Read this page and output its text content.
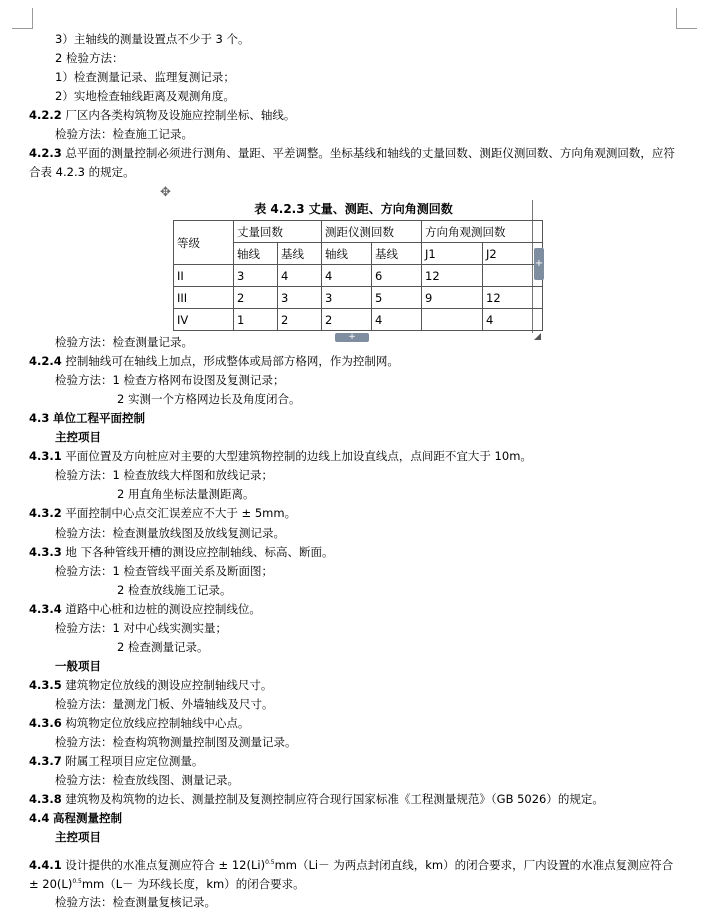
3）主轴线的测量设置点不少于 3 个。
2 检验方法：
1）检查测量记录、监理复测记录；
2）实地检查轴线距离及观测角度。
4.2.2 厂区内各类构筑物及设施应控制坐标、轴线。
检验方法：检查施工记录。
4.2.3 总平面的测量控制必须进行测角、量距、平差调整。坐标基线和轴线的丈量回数、测距仪测回数、方向角观测回数，应符合表 4.2.3 的规定。
✥
表 4.2.3 丈量、测距、方向角测回数
等级	丈量回数		测距仪测回数		方向角观测回数	
	轴线	基线	轴线	基线	J1	J2
II	3	4	4	6	12	
III	2	3	3	5	9	12
IV	1	2	2	4		4
+
+
检验方法：检查测量记录。
4.2.4 控制轴线可在轴线上加点，形成整体或局部方格网，作为控制网。
检验方法：1 检查方格网布设图及复测记录；
2 实测一个方格网边长及角度闭合。
4.3 单位工程平面控制
主控项目
4.3.1 平面位置及方向桩应对主要的大型建筑物控制的边线上加设直线点，点间距不宜大于 10m。
检验方法：1 检查放线大样图和放线记录；
2 用直角坐标法量测距离。
4.3.2 平面控制中心点交汇误差应不大于 ± 5mm。
检验方法：检查测量放线图及放线复测记录。
4.3.3 地 下各种管线开槽的测设应控制轴线、标高、断面。
检验方法：1 检查管线平面关系及断面图；
2 检查放线施工记录。
4.3.4 道路中心桩和边桩的测设应控制线位。
检验方法：1 对中心线实测实量；
2 检查测量记录。
一般项目
4.3.5 建筑物定位放线的测设应控制轴线尺寸。
检验方法：量测龙门板、外墙轴线及尺寸。
4.3.6 构筑物定位放线应控制轴线中心点。
检验方法：检查构筑物测量控制图及测量记录。
4.3.7 附属工程项目应定位测量。
检验方法：检查放线图、测量记录。
4.3.8 建筑物及构筑物的边长、测量控制及复测控制应符合现行国家标准《工程测量规范》（GB 5026）的规定。
4.4 高程测量控制
主控项目
4.4.1 设计提供的水准点复测应符合 ± $12(Li)^{0.5}mm(Li-$ 为两点封闭直线，km）的闭合要求，厂内设置的水准点复测应符合 ± $20(L)^{0.5}mm(L-$ 为环线长度，km）的闭合要求。
检验方法：检查测量复核记录。
